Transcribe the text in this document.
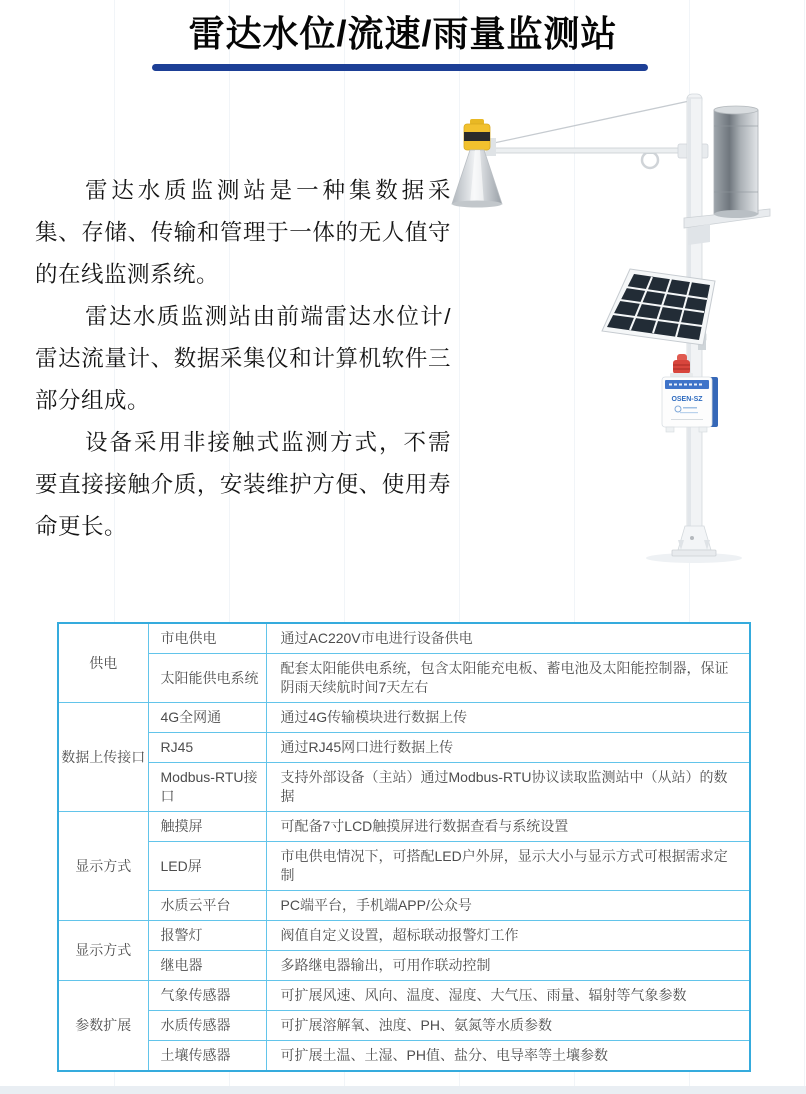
雷达水位/流速/雨量监测站

雷达水质监测站是一种集数据采集、存储、传输和管理于一体的无人值守的在线监测系统。

雷达水质监测站由前端雷达水位计/雷达流量计、数据采集仪和计算机软件三部分组成。

设备采用非接触式监测方式，不需要直接接触介质，安装维护方便、使用寿命更长。

OSEN-SZ
供电	市电供电	通过AC220V市电进行设备供电
	太阳能供电系统	配套太阳能供电系统，包含太阳能充电板、蓄电池及太阳能控制器，保证阴雨天续航时间7天左右
数据上传接口	4G全网通	通过4G传输模块进行数据上传
	RJ45	通过RJ45网口进行数据上传
	Modbus-RTU接口	支持外部设备（主站）通过Modbus-RTU协议读取监测站中（从站）的数据
显示方式	触摸屏	可配备7寸LCD触摸屏进行数据查看与系统设置
	LED屏	市电供电情况下，可搭配LED户外屏，显示大小与显示方式可根据需求定制
	水质云平台	PC端平台，手机端APP/公众号
显示方式	报警灯	阀值自定义设置，超标联动报警灯工作
	继电器	多路继电器输出，可用作联动控制
参数扩展	气象传感器	可扩展风速、风向、温度、湿度、大气压、雨量、辐射等气象参数
	水质传感器	可扩展溶解氧、浊度、PH、氨氮等水质参数
	土壤传感器	可扩展土温、土湿、PH值、盐分、电导率等土壤参数
